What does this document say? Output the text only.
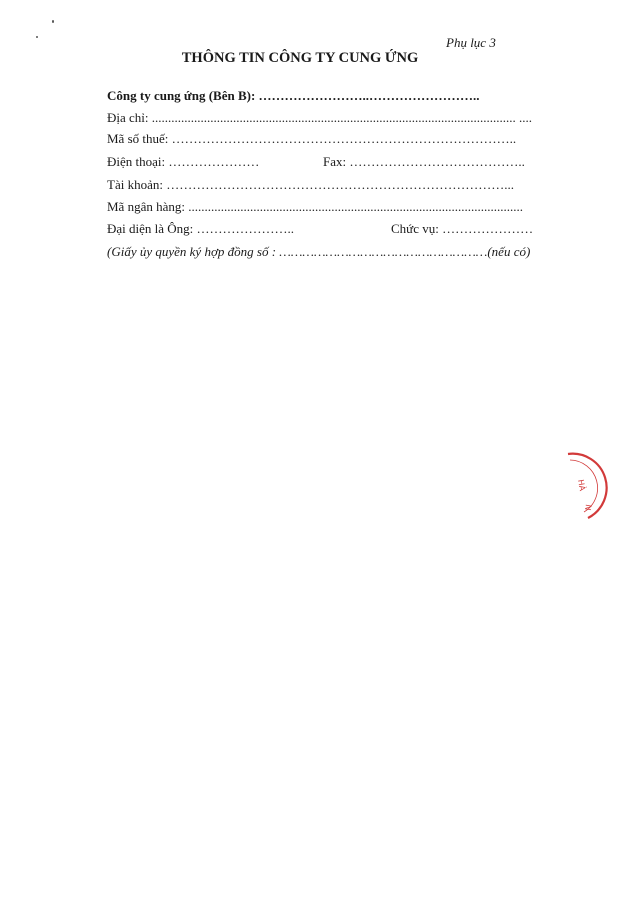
Phụ lục 3
THÔNG TIN CÔNG TY CUNG ỨNG
Công ty cung ứng (Bên B): ……………………..……………………..
Địa chỉ: ................................................................................................................ ....
Mã số thuế: ……………………………………………………………………..
Điện thoại: …………………	Fax: …………………………………..
Tài khoản: ……………………………………………………………………...
Mã ngân hàng: .......................................................................................................
Đại diện là Ông: …………………..	Chức vụ: …………………
(Giấy ủy quyền ký hợp đồng số : ………………………………………………(nếu có)
HÀ
N
